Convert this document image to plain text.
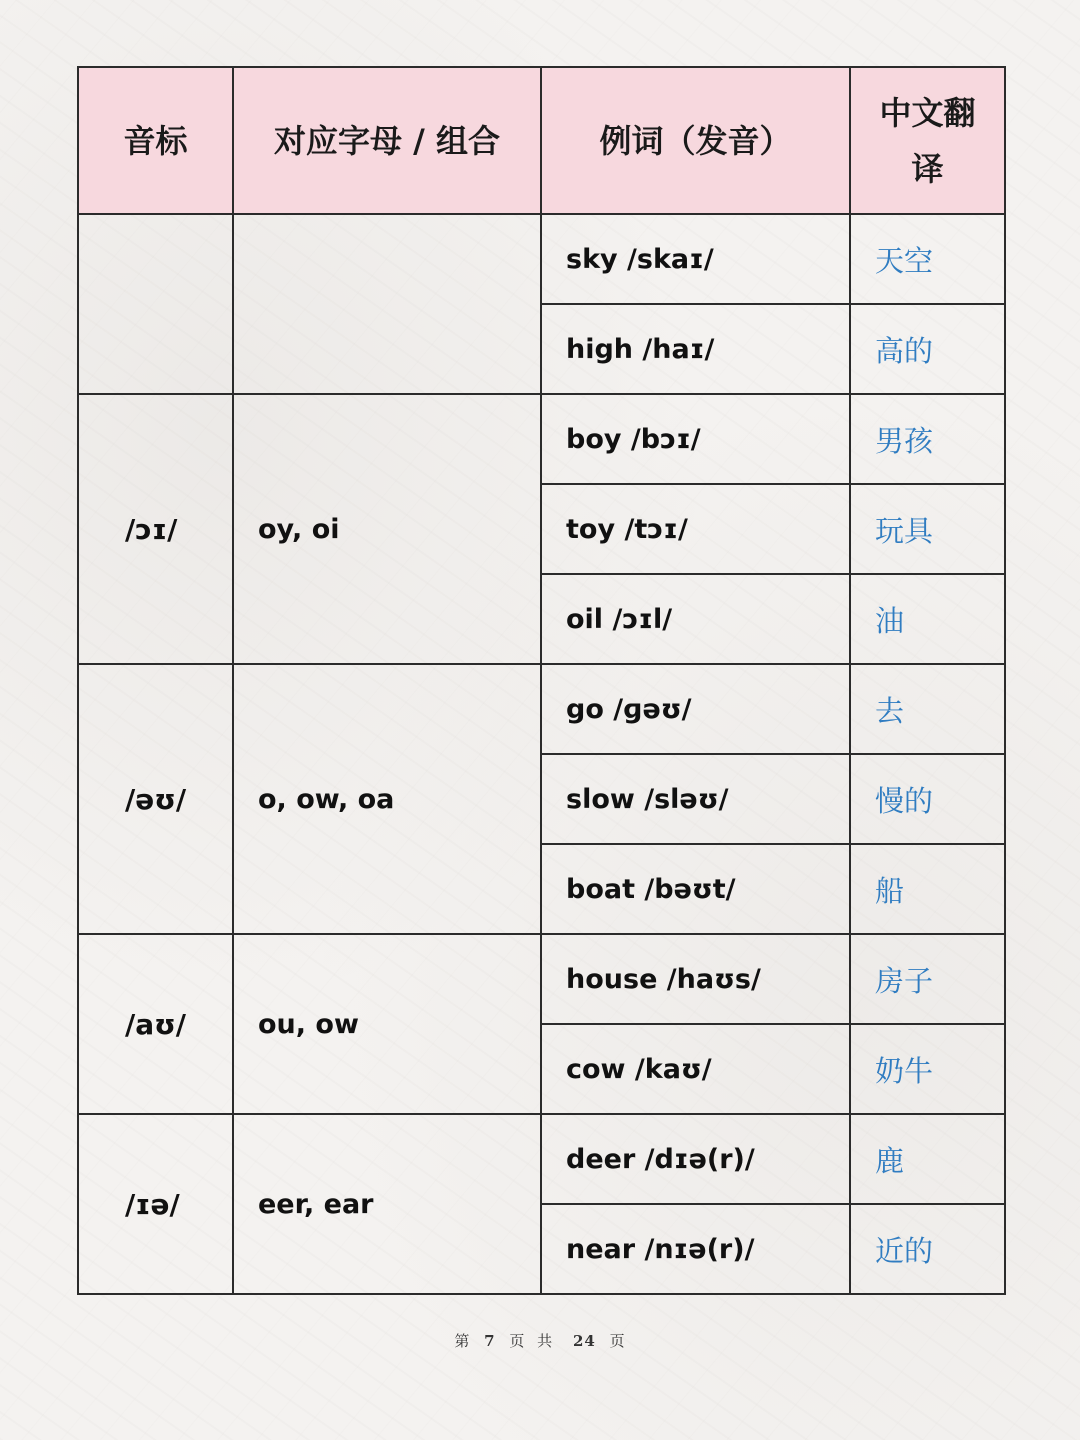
音标	对应字母 / 组合	例词（发音）	中文翻译
		sky /skaɪ/	天空
		high /haɪ/	高的
/ɔɪ/	oy, oi	boy /bɔɪ/	男孩
		toy /tɔɪ/	玩具
		oil /ɔɪl/	油
/əʊ/	o, ow, oa	go /ɡəʊ/	去
		slow /sləʊ/	慢的
		boat /bəʊt/	船
/aʊ/	ou, ow	house /haʊs/	房子
		cow /kaʊ/	奶牛
/ɪə/	eer, ear	deer /dɪə(r)/	鹿
		near /nɪə(r)/	近的
第 7 页 共 24 页
